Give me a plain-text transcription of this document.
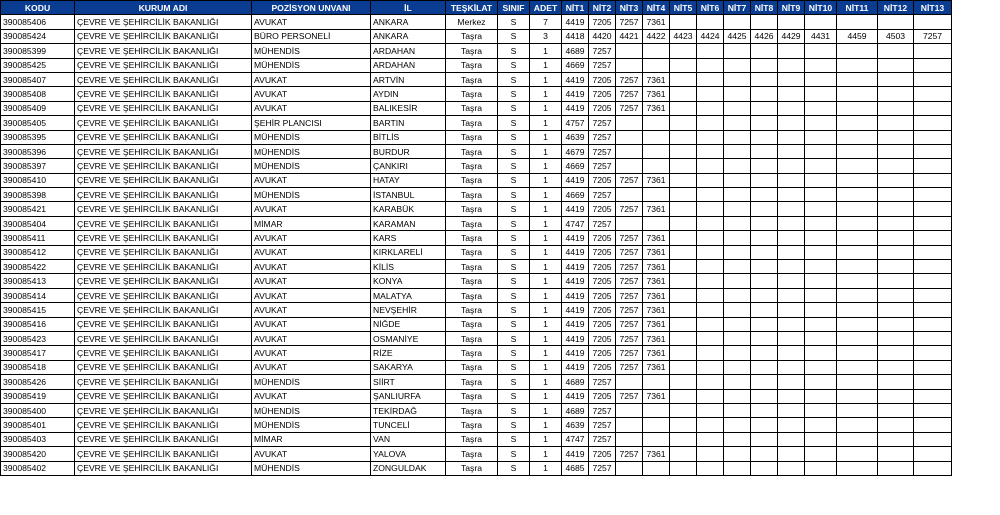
KODU	KURUM ADI	POZİSYON UNVANI	İL	TEŞKİLAT	SINIF	ADET	NİT1	NİT2	NİT3	NİT4	NİT5	NİT6	NİT7	NİT8	NİT9	NİT10	NİT11	NİT12	NİT13
390085406	ÇEVRE VE ŞEHİRCİLİK BAKANLIĞI	AVUKAT	ANKARA	Merkez	S	7	4419	7205	7257	7361									
390085424	ÇEVRE VE ŞEHİRCİLİK BAKANLIĞI	BÜRO PERSONELİ	ANKARA	Taşra	S	3	4418	4420	4421	4422	4423	4424	4425	4426	4429	4431	4459	4503	7257
390085399	ÇEVRE VE ŞEHİRCİLİK BAKANLIĞI	MÜHENDİS	ARDAHAN	Taşra	S	1	4689	7257											
390085425	ÇEVRE VE ŞEHİRCİLİK BAKANLIĞI	MÜHENDİS	ARDAHAN	Taşra	S	1	4669	7257											
390085407	ÇEVRE VE ŞEHİRCİLİK BAKANLIĞI	AVUKAT	ARTVİN	Taşra	S	1	4419	7205	7257	7361									
390085408	ÇEVRE VE ŞEHİRCİLİK BAKANLIĞI	AVUKAT	AYDIN	Taşra	S	1	4419	7205	7257	7361									
390085409	ÇEVRE VE ŞEHİRCİLİK BAKANLIĞI	AVUKAT	BALIKESİR	Taşra	S	1	4419	7205	7257	7361									
390085405	ÇEVRE VE ŞEHİRCİLİK BAKANLIĞI	ŞEHİR PLANCISI	BARTIN	Taşra	S	1	4757	7257											
390085395	ÇEVRE VE ŞEHİRCİLİK BAKANLIĞI	MÜHENDİS	BİTLİS	Taşra	S	1	4639	7257											
390085396	ÇEVRE VE ŞEHİRCİLİK BAKANLIĞI	MÜHENDİS	BURDUR	Taşra	S	1	4679	7257											
390085397	ÇEVRE VE ŞEHİRCİLİK BAKANLIĞI	MÜHENDİS	ÇANKIRI	Taşra	S	1	4669	7257											
390085410	ÇEVRE VE ŞEHİRCİLİK BAKANLIĞI	AVUKAT	HATAY	Taşra	S	1	4419	7205	7257	7361									
390085398	ÇEVRE VE ŞEHİRCİLİK BAKANLIĞI	MÜHENDİS	İSTANBUL	Taşra	S	1	4669	7257											
390085421	ÇEVRE VE ŞEHİRCİLİK BAKANLIĞI	AVUKAT	KARABÜK	Taşra	S	1	4419	7205	7257	7361									
390085404	ÇEVRE VE ŞEHİRCİLİK BAKANLIĞI	MİMAR	KARAMAN	Taşra	S	1	4747	7257											
390085411	ÇEVRE VE ŞEHİRCİLİK BAKANLIĞI	AVUKAT	KARS	Taşra	S	1	4419	7205	7257	7361									
390085412	ÇEVRE VE ŞEHİRCİLİK BAKANLIĞI	AVUKAT	KIRKLARELİ	Taşra	S	1	4419	7205	7257	7361									
390085422	ÇEVRE VE ŞEHİRCİLİK BAKANLIĞI	AVUKAT	KİLİS	Taşra	S	1	4419	7205	7257	7361									
390085413	ÇEVRE VE ŞEHİRCİLİK BAKANLIĞI	AVUKAT	KONYA	Taşra	S	1	4419	7205	7257	7361									
390085414	ÇEVRE VE ŞEHİRCİLİK BAKANLIĞI	AVUKAT	MALATYA	Taşra	S	1	4419	7205	7257	7361									
390085415	ÇEVRE VE ŞEHİRCİLİK BAKANLIĞI	AVUKAT	NEVŞEHİR	Taşra	S	1	4419	7205	7257	7361									
390085416	ÇEVRE VE ŞEHİRCİLİK BAKANLIĞI	AVUKAT	NİĞDE	Taşra	S	1	4419	7205	7257	7361									
390085423	ÇEVRE VE ŞEHİRCİLİK BAKANLIĞI	AVUKAT	OSMANİYE	Taşra	S	1	4419	7205	7257	7361									
390085417	ÇEVRE VE ŞEHİRCİLİK BAKANLIĞI	AVUKAT	RİZE	Taşra	S	1	4419	7205	7257	7361									
390085418	ÇEVRE VE ŞEHİRCİLİK BAKANLIĞI	AVUKAT	SAKARYA	Taşra	S	1	4419	7205	7257	7361									
390085426	ÇEVRE VE ŞEHİRCİLİK BAKANLIĞI	MÜHENDİS	SİİRT	Taşra	S	1	4689	7257											
390085419	ÇEVRE VE ŞEHİRCİLİK BAKANLIĞI	AVUKAT	ŞANLIURFA	Taşra	S	1	4419	7205	7257	7361									
390085400	ÇEVRE VE ŞEHİRCİLİK BAKANLIĞI	MÜHENDİS	TEKİRDAĞ	Taşra	S	1	4689	7257											
390085401	ÇEVRE VE ŞEHİRCİLİK BAKANLIĞI	MÜHENDİS	TUNCELİ	Taşra	S	1	4639	7257											
390085403	ÇEVRE VE ŞEHİRCİLİK BAKANLIĞI	MİMAR	VAN	Taşra	S	1	4747	7257											
390085420	ÇEVRE VE ŞEHİRCİLİK BAKANLIĞI	AVUKAT	YALOVA	Taşra	S	1	4419	7205	7257	7361									
390085402	ÇEVRE VE ŞEHİRCİLİK BAKANLIĞI	MÜHENDİS	ZONGULDAK	Taşra	S	1	4685	7257											
